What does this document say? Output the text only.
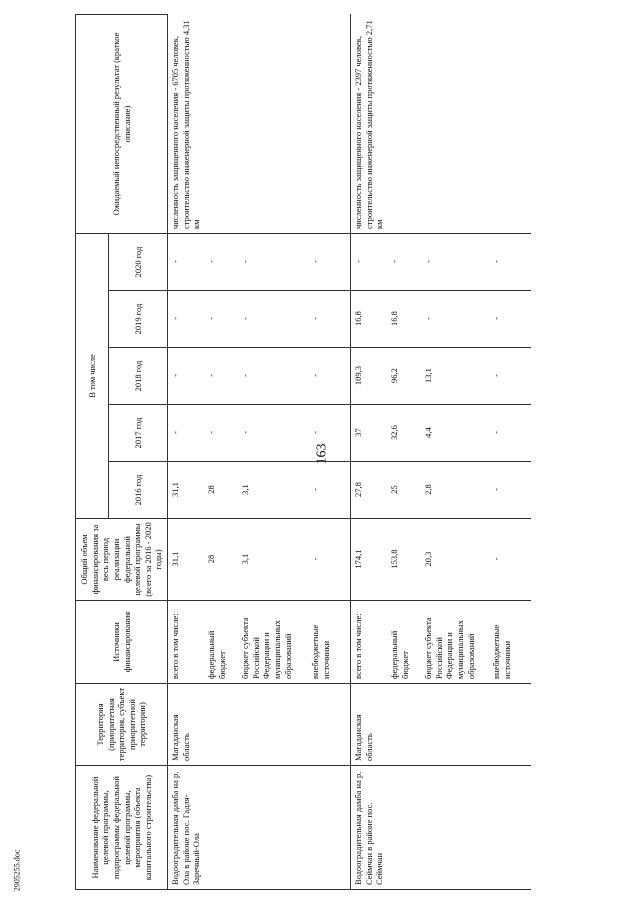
163
2905255.doc	Наименование федеральной целевой программы, подпрограммы федеральной целевой программы, мероприятия (объекта капитального строительства)	Территория (приоритетная территория, субъект приоритетной территории)	Источники финансирования	Общий объем финансирования за весь период реализации федеральной целевой программы (всего за 2016 - 2020 годы)	В том числе					Ожидаемый непосредственный результат (краткое описание)
				2016 год	2017 год	2018 год	2019 год	2020 год	
Водооградительная дамба на р. Ола в районе пос. Гадля-Заречный-Ола	Магаданская область	всего в том числе:	31,1	31,1	-	-	-	-	численность защищенного населения - 6705 человек, строительство инженерной защиты протяженностью 4,31 км
		федеральный бюджет	28	28	-	-	-	-	
		бюджет субъекта Российской Федерации и муниципальных образований	3,1	3,1	-	-	-	-	
		внебюджетные источники	-	-	-	-	-	-	
Водооградительная дамба на р. Сеймчан в районе пос. Сеймчан	Магаданская область	всего в том числе:	174,1	27,8	37	109,3	16,8	-	численность защищенного населения - 2397 человек, строительство инженерной защиты протяженностью 2,71 км
		федеральный бюджет	153,8	25	32,6	96,2	16,8	-	
		бюджет субъекта Российской Федерации и муниципальных образований	20,3	2,8	4,4	13,1	-	-	
		внебюджетные источники	-	-	-	-	-	-	
